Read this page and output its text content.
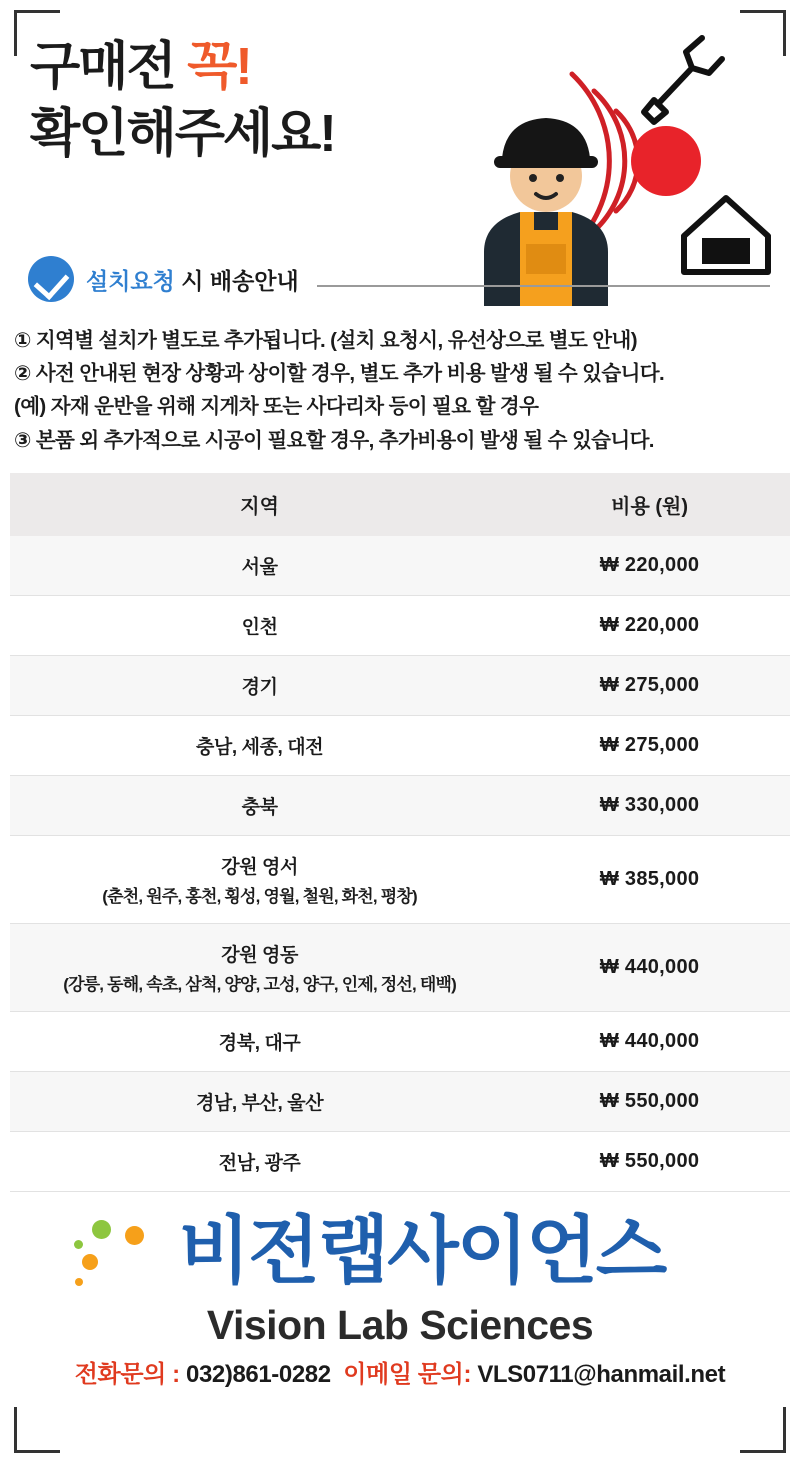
구매전 꼭!
확인해주세요!
설치요청 시 배송안내
① 지역별 설치가 별도로 추가됩니다. (설치 요청시, 유선상으로 별도 안내)
② 사전 안내된 현장 상황과 상이할 경우, 별도 추가 비용 발생 될 수 있습니다.
(예) 자재 운반을 위해 지게차 또는 사다리차 등이 필요 할 경우
③ 본품 외 추가적으로 시공이 필요할 경우, 추가비용이 발생 될 수 있습니다.
지역	비용 (원)
서울	₩ 220,000
인천	₩ 220,000
경기	₩ 275,000
충남, 세종, 대전	₩ 275,000
충북	₩ 330,000
강원 영서
(춘천, 원주, 홍천, 횡성, 영월, 철원, 화천, 평창)	₩ 385,000
강원 영동
(강릉, 동해, 속초, 삼척, 양양, 고성, 양구, 인제, 정선, 태백)	₩ 440,000
경북, 대구	₩ 440,000
경남, 부산, 울산	₩ 550,000
전남, 광주	₩ 550,000
비전랩사이언스
Vision Lab Sciences
전화문의 : 032)861-0282 이메일 문의: VLS0711@hanmail.net
